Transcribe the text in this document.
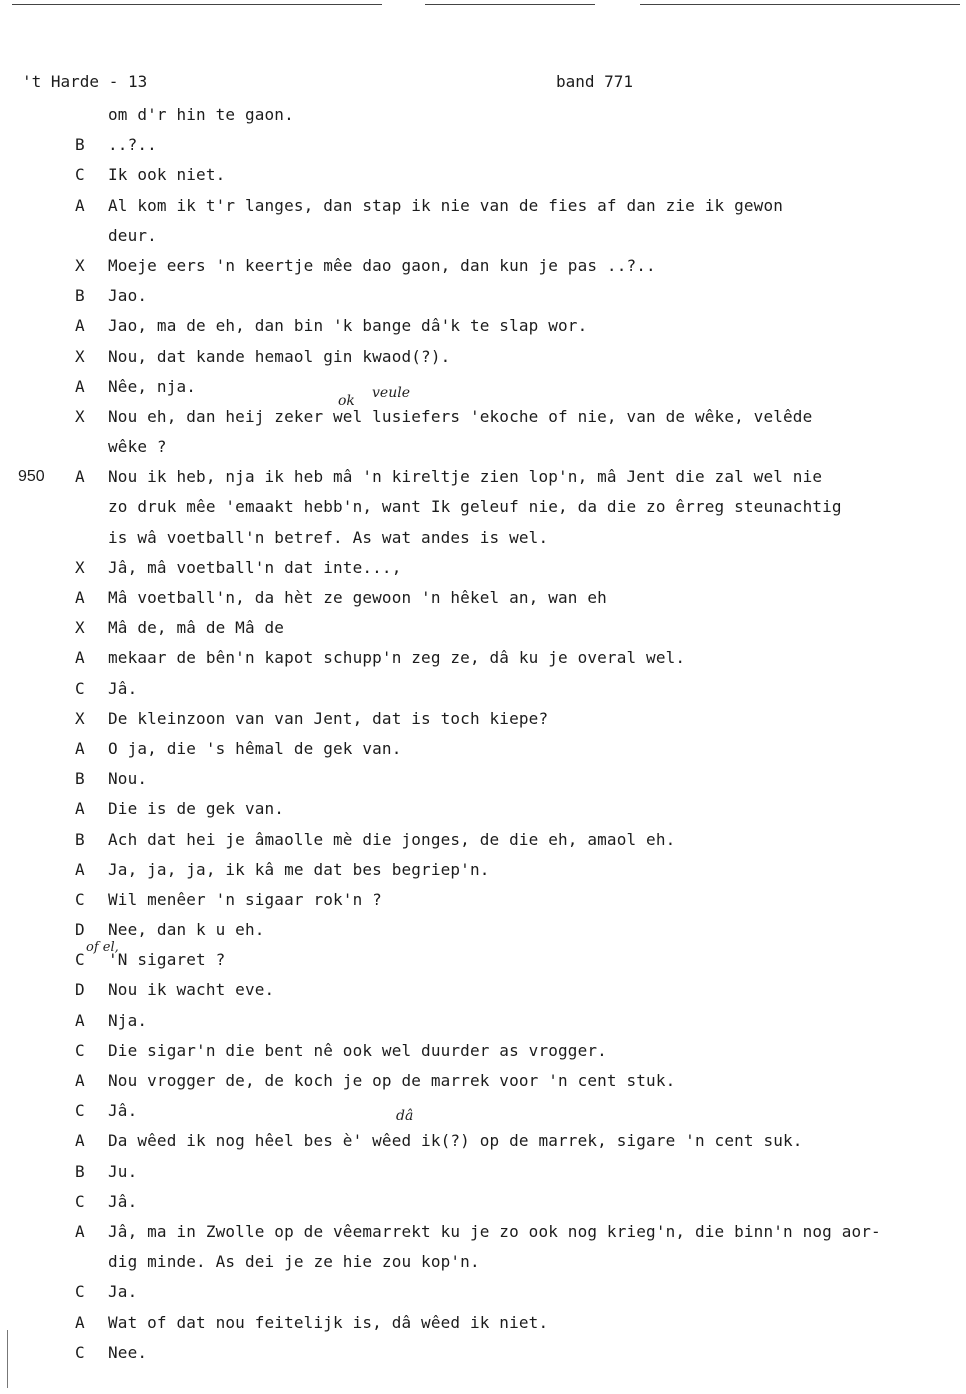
't Harde - 13	band 771
om d'r hin te gaon.
B ..?..
C Ik ook niet.
A Al kom ik t'r langes, dan stap ik nie van de fies af dan zie ik gewon
deur.
X Moeje eers 'n keertje mêe dao gaon, dan kun je pas ..?..
B Jao.
A Jao, ma de eh, dan bin 'k bange dâ'k te slap wor.
X Nou, dat kande hemaol gin kwaod(?).
A Nêe, nja.
X Nou eh, dan heij zeker wel lusiefers 'ekoche of nie, van de wêke, velêde
wêke ?
950 A Nou ik heb, nja ik heb mâ 'n kireltje zien lop'n, mâ Jent die zal wel nie
zo druk mêe 'emaakt hebb'n, want Ik geleuf nie, da die zo êrreg steunachtig
is wâ voetball'n betref. As wat andes is wel.
X Jâ, mâ voetball'n dat inte...,
A Mâ voetball'n, da hèt ze gewoon 'n hêkel an, wan eh
X Mâ de, mâ de Mâ de
A mekaar de bên'n kapot schupp'n zeg ze, dâ ku je overal wel.
C Jâ.
X De kleinzoon van van Jent, dat is toch kiepe?
A O ja, die 's hêmal de gek van.
B Nou.
A Die is de gek van.
B Ach dat hei je âmaolle mè die jonges, de die eh, amaol eh.
A Ja, ja, ja, ik kâ me dat bes begriep'n.
C Wil menêer 'n sigaar rok'n ?
D Nee, dan k u eh.
C 'N sigaret ?
D Nou ik wacht eve.
A Nja.
C Die sigar'n die bent nê ook wel duurder as vrogger.
A Nou vrogger de, de koch je op de marrek voor 'n cent stuk.
C Jâ.
A Da wêed ik nog hêel bes è' wêed ik(?) op de marrek, sigare 'n cent suk.
B Ju.
C Jâ.
A Jâ, ma in Zwolle op de vêemarrekt ku je zo ook nog krieg'n, die binn'n nog aor-
dig minde. As dei je ze hie zou kop'n.
C Ja.
A Wat of dat nou feitelijk is, dâ wêed ik niet.
C Nee.
ok veule
of el,
dâ
